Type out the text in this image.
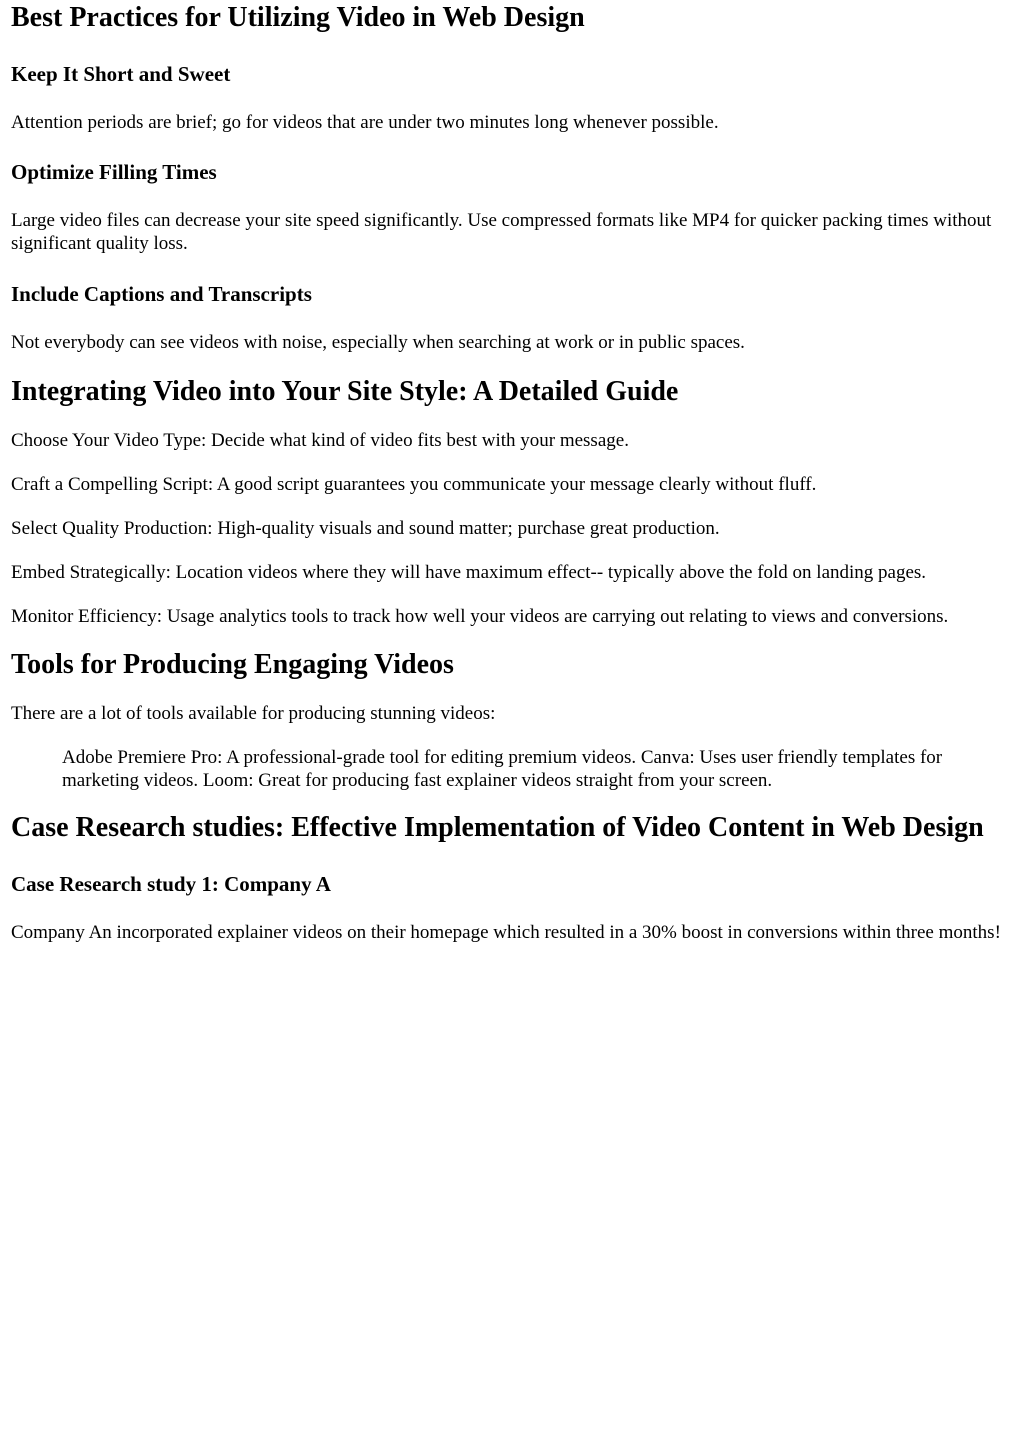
Best Practices for Utilizing Video in Web Design
Keep It Short and Sweet

Attention periods are brief; go for videos that are under two minutes long whenever possible.

Optimize Filling Times

Large video files can decrease your site speed significantly. Use compressed formats like MP4 for quicker packing times without significant quality loss.

Include Captions and Transcripts

Not everybody can see videos with noise, especially when searching at work or in public spaces.

Integrating Video into Your Site Style: A Detailed Guide

Choose Your Video Type: Decide what kind of video fits best with your message.

Craft a Compelling Script: A good script guarantees you communicate your message clearly without fluff.

Select Quality Production: High-quality visuals and sound matter; purchase great production.

Embed Strategically: Location videos where they will have maximum effect-- typically above the fold on landing pages.

Monitor Efficiency: Usage analytics tools to track how well your videos are carrying out relating to views and conversions.

Tools for Producing Engaging Videos

There are a lot of tools available for producing stunning videos:

Adobe Premiere Pro: A professional-grade tool for editing premium videos. Canva: Uses user friendly templates for marketing videos. Loom: Great for producing fast explainer videos straight from your screen.
Case Research studies: Effective Implementation of Video Content in Web Design
Case Research study 1: Company A

Company An incorporated explainer videos on their homepage which resulted in a 30% boost in conversions within three months!
